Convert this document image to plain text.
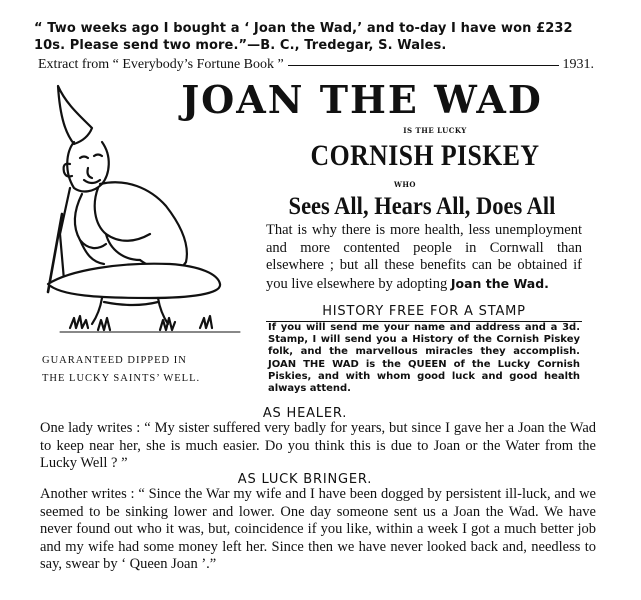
“ Two weeks ago I bought a ‘ Joan the Wad,’ and to-day I have won £232 10s. Please send two more.”—B. C., Tredegar, S. Wales.

Extract from “ Everybody’s Fortune Book ”	1931.
JOAN THE WAD
IS THE LUCKY
CORNISH PISKEY
WHO
Sees All, Hears All, Does All

That is why there is more health, less unemployment and more contented people in Cornwall than elsewhere ; but all these benefits can be obtained if you live elsewhere by adopting Joan the Wad.

HISTORY FREE FOR A STAMP

If you will send me your name and address and a 3d. Stamp, I will send you a History of the Cornish Piskey folk, and the marvellous miracles they accomplish. JOAN THE WAD is the QUEEN of the Lucky Cornish Piskies, and with whom good luck and good health always attend.

GUARANTEED DIPPED IN
THE LUCKY SAINTS’ WELL.
AS HEALER.

One lady writes : “ My sister suffered very badly for years, but since I gave her a Joan the Wad to keep near her, she is much easier. Do you think this is due to Joan or the Water from the Lucky Well ? ”

AS LUCK BRINGER.

Another writes : “ Since the War my wife and I have been dogged by persistent ill-luck, and we seemed to be sinking lower and lower. One day someone sent us a Joan the Wad. We have never found out who it was, but, coincidence if you like, within a week I got a much better job and my wife had some money left her. Since then we have never looked back and, needless to say, swear by ‘ Queen Joan ’.”
